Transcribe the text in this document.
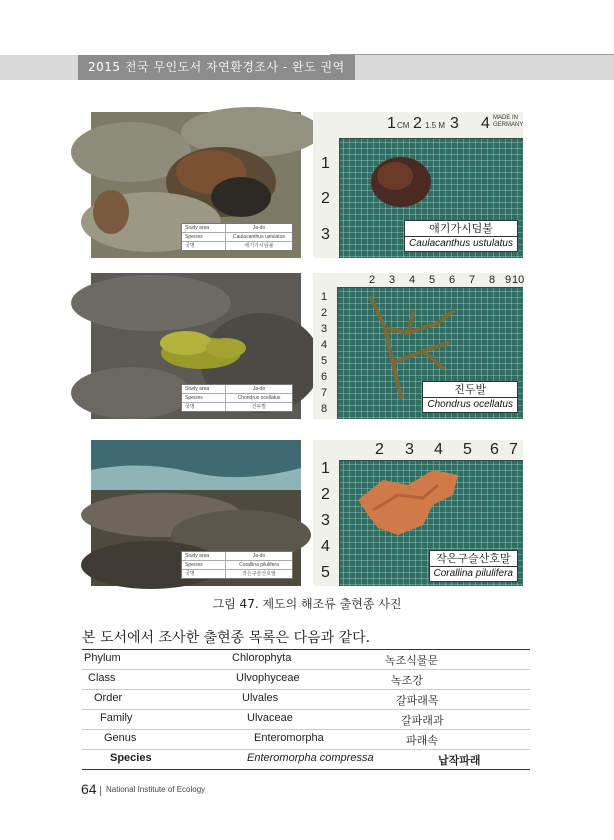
2015 전국 무인도서 자연환경조사 - 완도 권역
Study area	Ja-do
Species	Caulacanthus ustulatus
국명	애기가시덤불
CM
1 2 1.5 M 3 4 MADE IN GERMANY
1
2
3	애기가시덤불
Caulacanthus ustulatus
Study area	Ja-do
Species	Chondrus ocellatus
국명	진두발
2 3 4 5 6 7 8 9 10
1
2
3
4
5
6
7
8
진두발
Chondrus ocellatus
Study area	Ja-do
Species	Corallina pilulifera
국명	작은구슬산호말
2 3 4 5 6 7
1
2
3
4
5
작은구슬산호말
Corallina pilulifera
그림 47. 제도의 해조류 출현종 사진
본 도서에서 조사한 출현종 목록은 다음과 같다.
Phylum	Chlorophyta	녹조식물문
Class	Ulvophyceae	녹조강
Order	Ulvales	갈파래목
Family	Ulvaceae	갈파래과
Genus	Enteromorpha	파래속
Species	Enteromorpha compressa	납작파래
64 National Institute of Ecology
